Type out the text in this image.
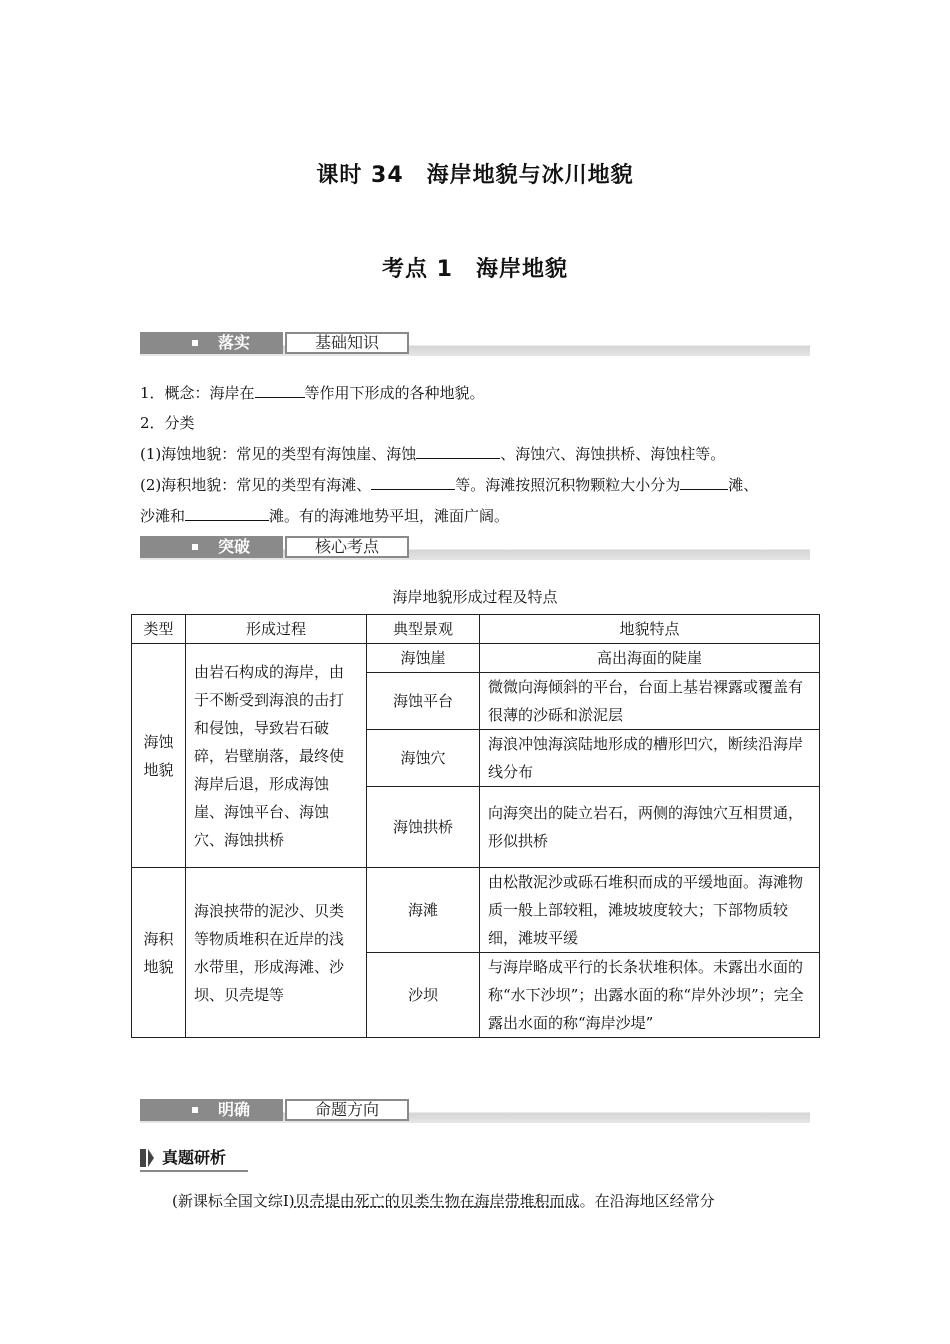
课时 34　海岸地貌与冰川地貌
考点 1　海岸地貌
落实	基础知识
1．概念：海岸在	等作用下形成的各种地貌。
2．分类
(1)海蚀地貌：常见的类型有海蚀崖、海蚀	、海蚀穴、海蚀拱桥、海蚀柱等。
(2)海积地貌：常见的类型有海滩、	等。海滩按照沉积物颗粒大小分为	滩、
沙滩和	滩。有的海滩地势平坦，滩面广阔。
突破	核心考点
海岸地貌形成过程及特点
类型	形成过程	典型景观	地貌特点
海蚀地貌	由岩石构成的海岸，由于不断受到海浪的击打和侵蚀，导致岩石破碎，岩壁崩落，最终使海岸后退，形成海蚀崖、海蚀平台、海蚀穴、海蚀拱桥	海蚀崖	高出海面的陡崖
		海蚀平台	微微向海倾斜的平台，台面上基岩裸露或覆盖有很薄的沙砾和淤泥层
		海蚀穴	海浪冲蚀海滨陆地形成的槽形凹穴，断续沿海岸线分布
		海蚀拱桥	向海突出的陡立岩石，两侧的海蚀穴互相贯通，形似拱桥
海积地貌	海浪挟带的泥沙、贝类等物质堆积在近岸的浅水带里，形成海滩、沙坝、贝壳堤等	海滩	由松散泥沙或砾石堆积而成的平缓地面。海滩物质一般上部较粗，滩坡坡度较大；下部物质较细，滩坡平缓
		沙坝	与海岸略成平行的长条状堆积体。未露出水面的称“水下沙坝”；出露水面的称“岸外沙坝”；完全露出水面的称“海岸沙堤”
明确	命题方向
真题研析
(新课标全国文综Ⅰ)贝壳堤由死亡的贝类生物在海岸带堆积而成。在沿海地区经常分
